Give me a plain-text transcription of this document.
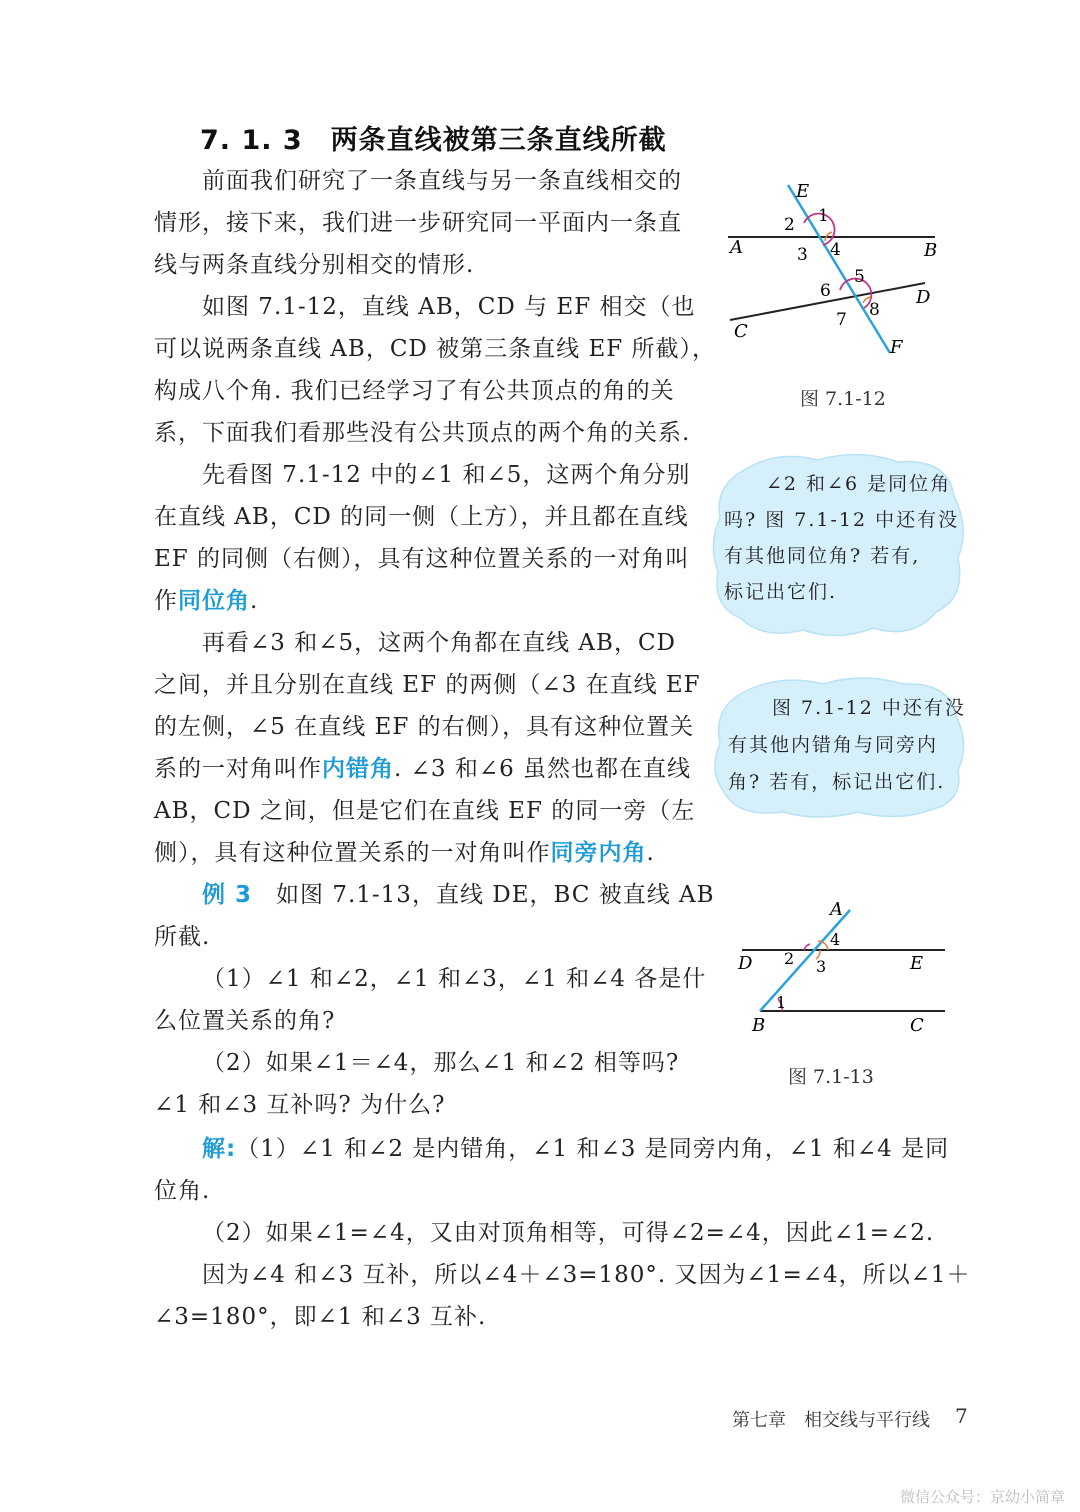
7. 1. 3　两条直线被第三条直线所截
前面我们研究了一条直线与另一条直线相交的
情形，接下来，我们进一步研究同一平面内一条直
线与两条直线分别相交的情形.
如图 7.1-12，直线 AB，CD 与 EF 相交（也
可以说两条直线 AB，CD 被第三条直线 EF 所截），
构成八个角. 我们已经学习了有公共顶点的角的关
系，下面我们看那些没有公共顶点的两个角的关系.
先看图 7.1-12 中的∠1 和∠5，这两个角分别
在直线 AB，CD 的同一侧（上方），并且都在直线
EF 的同侧（右侧），具有这种位置关系的一对角叫
作同位角.
再看∠3 和∠5，这两个角都在直线 AB，CD
之间，并且分别在直线 EF 的两侧（∠3 在直线 EF
的左侧，∠5 在直线 EF 的右侧），具有这种位置关
系的一对角叫作内错角. ∠3 和∠6 虽然也都在直线
AB，CD 之间，但是它们在直线 EF 的同一旁（左
侧），具有这种位置关系的一对角叫作同旁内角.
例 3  如图 7.1-13，直线 DE，BC 被直线 AB
所截.
（1）∠1 和∠2，∠1 和∠3，∠1 和∠4 各是什
么位置关系的角?
（2）如果∠1＝∠4，那么∠1 和∠2 相等吗?
∠1 和∠3 互补吗? 为什么?
解:（1）∠1 和∠2 是内错角，∠1 和∠3 是同旁内角，∠1 和∠4 是同
位角.
（2）如果∠1=∠4，又由对顶角相等，可得∠2=∠4，因此∠1=∠2.
因为∠4 和∠3 互补，所以∠4＋∠3=180°. 又因为∠1=∠4，所以∠1＋
∠3=180°，即∠1 和∠3 互补.
E
A	B
C
D
F
1
2
3 4
5
6
7 8
图 7.1-12
∠2 和∠6 是同位角
吗? 图 7.1-12 中还有没
有其他同位角? 若有,
标记出它们.
图 7.1-12 中还有没
有其他内错角与同旁内
角? 若有，标记出它们.
A
D	E
B	C
1
2 3
4
图 7.1-13
第七章　相交线与平行线 7
微信公众号：京幼小简章
